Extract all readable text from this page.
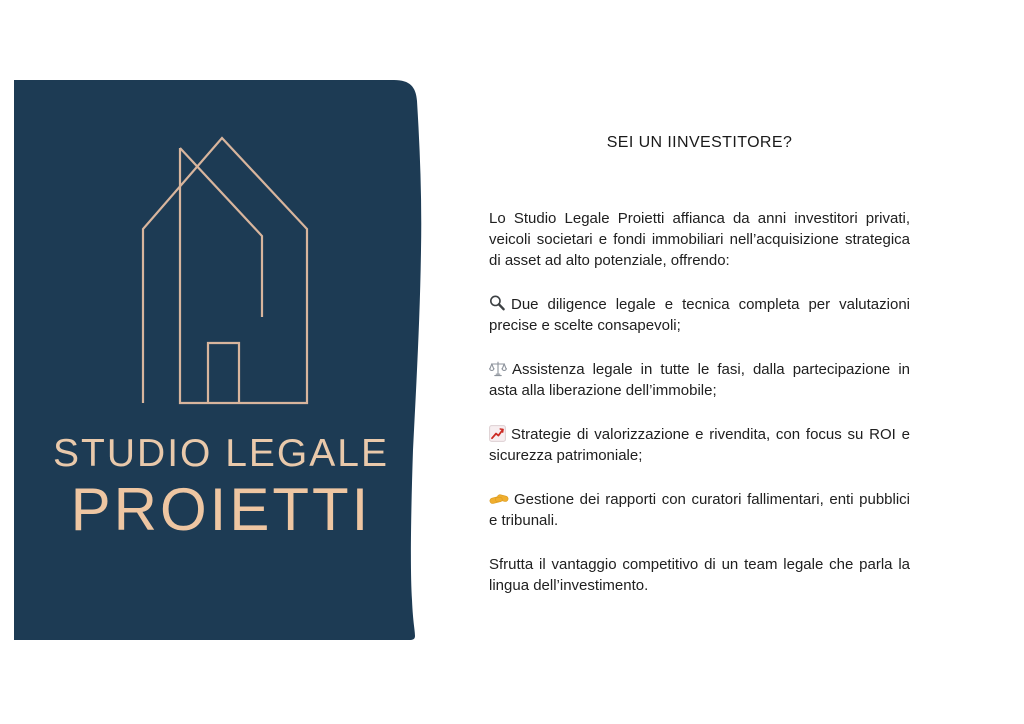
STUDIO LEGALE
PROIETTI

SEI UN IINVESTITORE?

Lo Studio Legale Proietti affianca da anni investitori privati, veicoli societari e fondi immobiliari nell’acquisizione strategica di asset ad alto potenziale, offrendo:

Due diligence legale e tecnica completa per valutazioni precise e scelte consapevoli;

Assistenza legale in tutte le fasi, dalla partecipazione in asta alla liberazione dell’immobile;

Strategie di valorizzazione e rivendita, con focus su ROI e sicurezza patrimoniale;

Gestione dei rapporti con curatori fallimentari, enti pubblici e tribunali.

Sfrutta il vantaggio competitivo di un team legale che parla la lingua dell’investimento.
